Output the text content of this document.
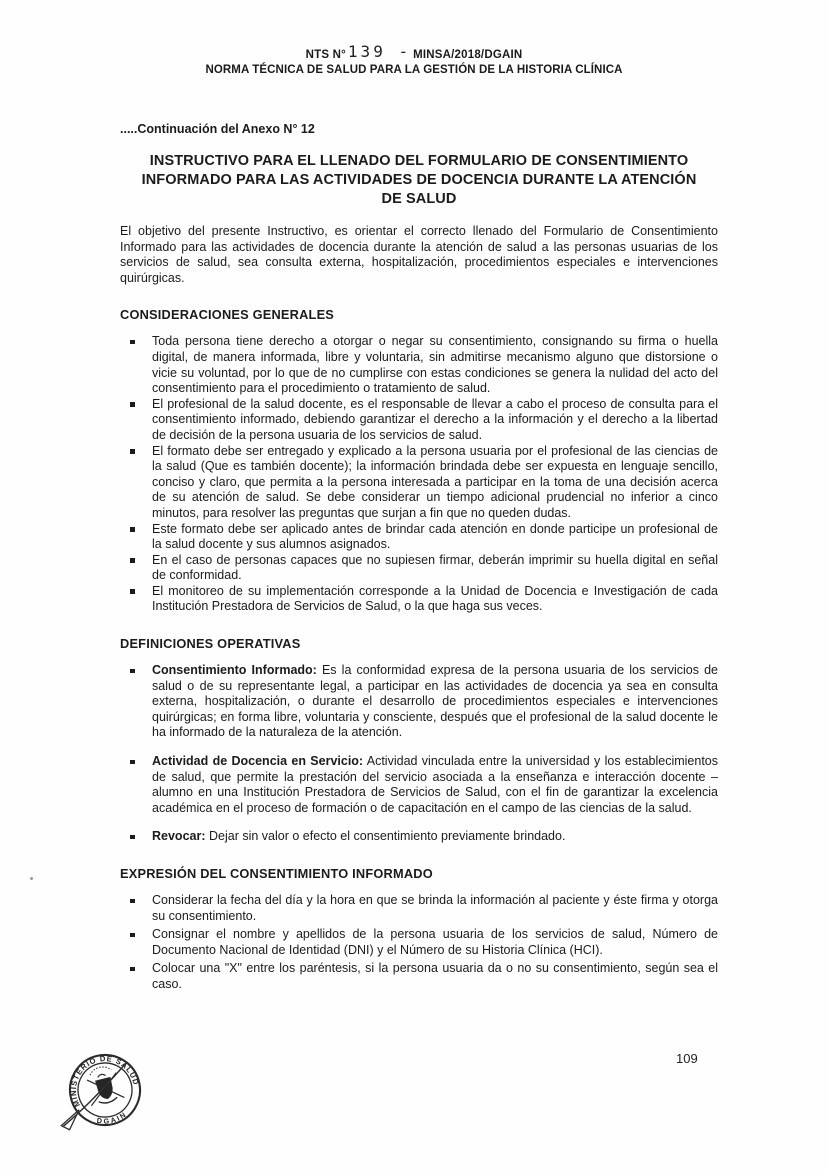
NTS N° 139 - MINSA/2018/DGAIN
NORMA TÉCNICA DE SALUD PARA LA GESTIÓN DE LA HISTORIA CLÍNICA
.....Continuación del Anexo N° 12
INSTRUCTIVO PARA EL LLENADO DEL FORMULARIO DE CONSENTIMIENTO INFORMADO PARA LAS ACTIVIDADES DE DOCENCIA DURANTE LA ATENCIÓN DE SALUD

El objetivo del presente Instructivo, es orientar el correcto llenado del Formulario de Consentimiento Informado para las actividades de docencia durante la atención de salud a las personas usuarias de los servicios de salud, sea consulta externa, hospitalización, procedimientos especiales e intervenciones quirúrgicas.

CONSIDERACIONES GENERALES
Toda persona tiene derecho a otorgar o negar su consentimiento, consignando su firma o huella digital, de manera informada, libre y voluntaria, sin admitirse mecanismo alguno que distorsione o vicie su voluntad, por lo que de no cumplirse con estas condiciones se genera la nulidad del acto del consentimiento para el procedimiento o tratamiento de salud.
El profesional de la salud docente, es el responsable de llevar a cabo el proceso de consulta para el consentimiento informado, debiendo garantizar el derecho a la información y el derecho a la libertad de decisión de la persona usuaria de los servicios de salud.
El formato debe ser entregado y explicado a la persona usuaria por el profesional de las ciencias de la salud (Que es también docente); la información brindada debe ser expuesta en lenguaje sencillo, conciso y claro, que permita a la persona interesada a participar en la toma de una decisión acerca de su atención de salud. Se debe considerar un tiempo adicional prudencial no inferior a cinco minutos, para resolver las preguntas que surjan a fin que no queden dudas.
Este formato debe ser aplicado antes de brindar cada atención en donde participe un profesional de la salud docente y sus alumnos asignados.
En el caso de personas capaces que no supiesen firmar, deberán imprimir su huella digital en señal de conformidad.
El monitoreo de su implementación corresponde a la Unidad de Docencia e Investigación de cada Institución Prestadora de Servicios de Salud, o la que haga sus veces.
DEFINICIONES OPERATIVAS
Consentimiento Informado: Es la conformidad expresa de la persona usuaria de los servicios de salud o de su representante legal, a participar en las actividades de docencia ya sea en consulta externa, hospitalización, o durante el desarrollo de procedimientos especiales e intervenciones quirúrgicas; en forma libre, voluntaria y consciente, después que el profesional de la salud docente le ha informado de la naturaleza de la atención.
Actividad de Docencia en Servicio: Actividad vinculada entre la universidad y los establecimientos de salud, que permite la prestación del servicio asociada a la enseñanza e interacción docente – alumno en una Institución Prestadora de Servicios de Salud, con el fin de garantizar la excelencia académica en el proceso de formación o de capacitación en el campo de las ciencias de la salud.
Revocar: Dejar sin valor o efecto el consentimiento previamente brindado.
EXPRESIÓN DEL CONSENTIMIENTO INFORMADO
Considerar la fecha del día y la hora en que se brinda la información al paciente y éste firma y otorga su consentimiento.
Consignar el nombre y apellidos de la persona usuaria de los servicios de salud, Número de Documento Nacional de Identidad (DNI) y el Número de su Historia Clínica (HCI).
Colocar una "X" entre los paréntesis, si la persona usuaria da o no su consentimiento, según sea el caso.
MINISTERIO DE SALUD
DGAIN
109
